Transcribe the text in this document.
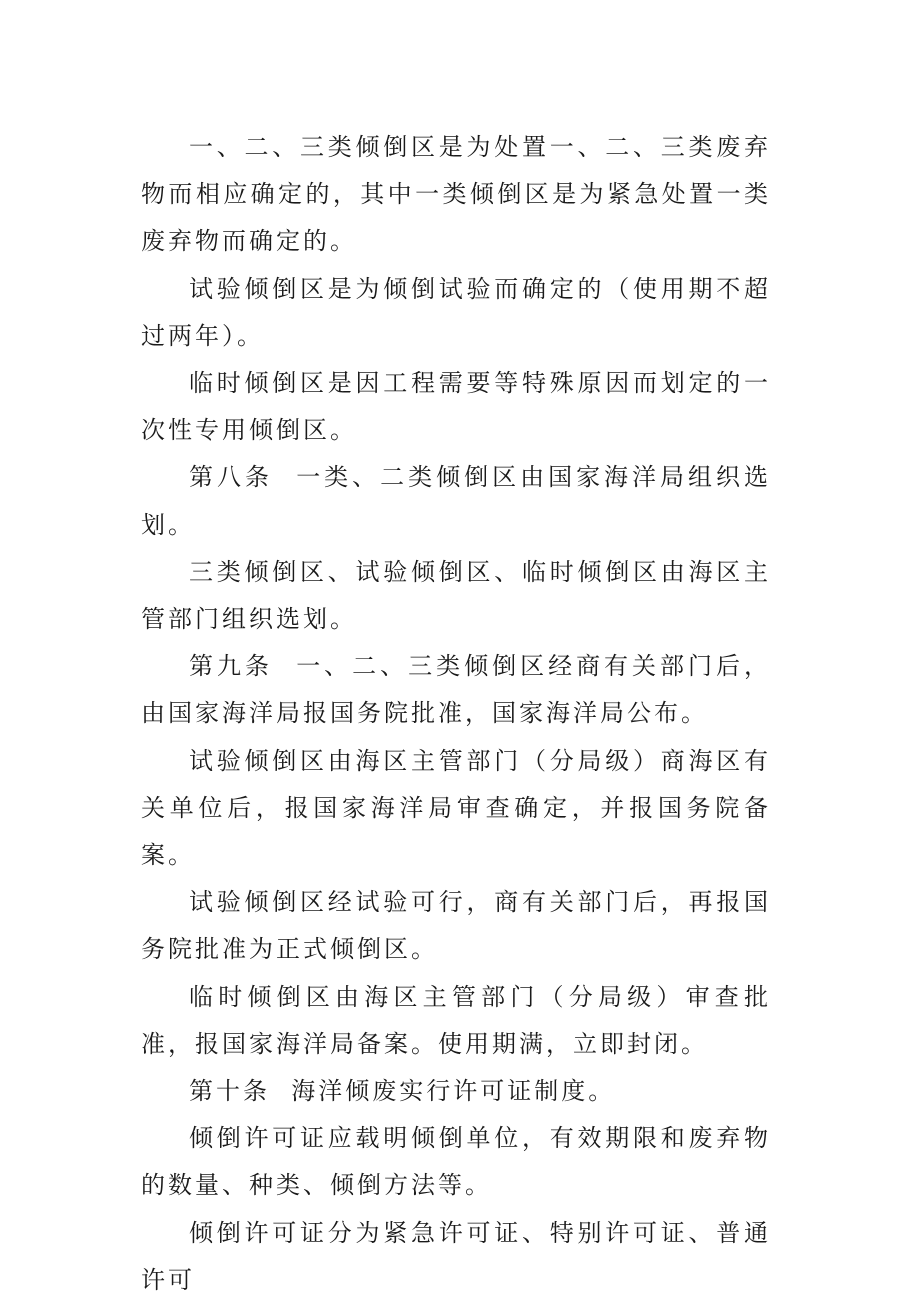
一、二、三类倾倒区是为处置一、二、三类废弃物而相应确定的，其中一类倾倒区是为紧急处置一类废弃物而确定的。

试验倾倒区是为倾倒试验而确定的（使用期不超过两年）。

临时倾倒区是因工程需要等特殊原因而划定的一次性专用倾倒区。

第八条  一类、二类倾倒区由国家海洋局组织选划。

三类倾倒区、试验倾倒区、临时倾倒区由海区主管部门组织选划。

第九条  一、二、三类倾倒区经商有关部门后，由国家海洋局报国务院批准，国家海洋局公布。

试验倾倒区由海区主管部门（分局级）商海区有关单位后，报国家海洋局审查确定，并报国务院备案。

试验倾倒区经试验可行，商有关部门后，再报国务院批准为正式倾倒区。

临时倾倒区由海区主管部门（分局级）审查批准，报国家海洋局备案。使用期满，立即封闭。

第十条  海洋倾废实行许可证制度。

倾倒许可证应载明倾倒单位，有效期限和废弃物的数量、种类、倾倒方法等。

倾倒许可证分为紧急许可证、特别许可证、普通许可
